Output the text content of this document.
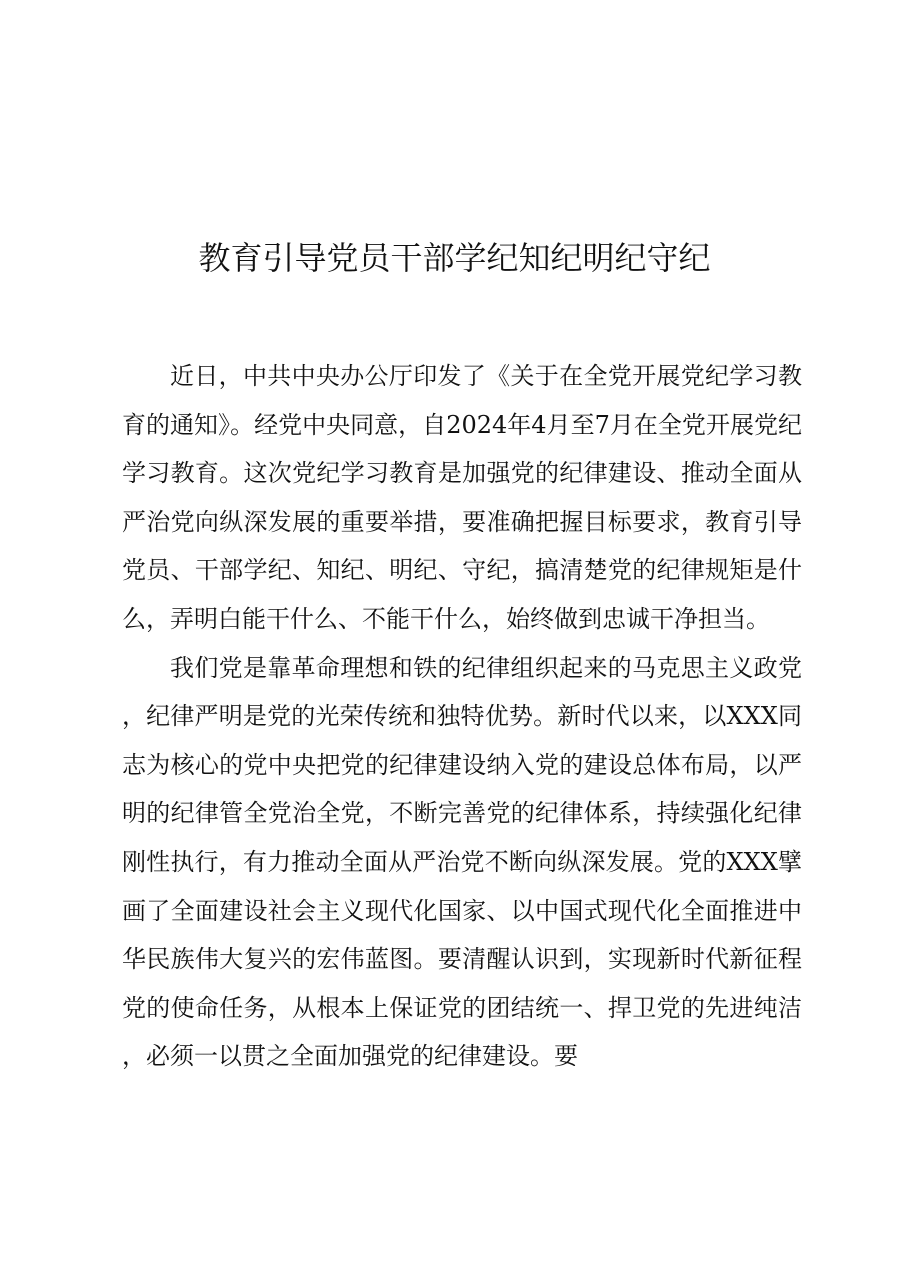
教育引导党员干部学纪知纪明纪守纪

近日，中共中央办公厅印发了《关于在全党开展党纪学习教育的通知》。经党中央同意，自2024年4月至7月在全党开展党纪学习教育。这次党纪学习教育是加强党的纪律建设、推动全面从严治党向纵深发展的重要举措，要准确把握目标要求，教育引导党员、干部学纪、知纪、明纪、守纪，搞清楚党的纪律规矩是什么，弄明白能干什么、不能干什么，始终做到忠诚干净担当。

我们党是靠革命理想和铁的纪律组织起来的马克思主义政党，纪律严明是党的光荣传统和独特优势。新时代以来，以XXX同志为核心的党中央把党的纪律建设纳入党的建设总体布局，以严明的纪律管全党治全党，不断完善党的纪律体系，持续强化纪律刚性执行，有力推动全面从严治党不断向纵深发展。党的XXX擘画了全面建设社会主义现代化国家、以中国式现代化全面推进中华民族伟大复兴的宏伟蓝图。要清醒认识到，实现新时代新征程党的使命任务，从根本上保证党的团结统一、捍卫党的先进纯洁，必须一以贯之全面加强党的纪律建设。要
